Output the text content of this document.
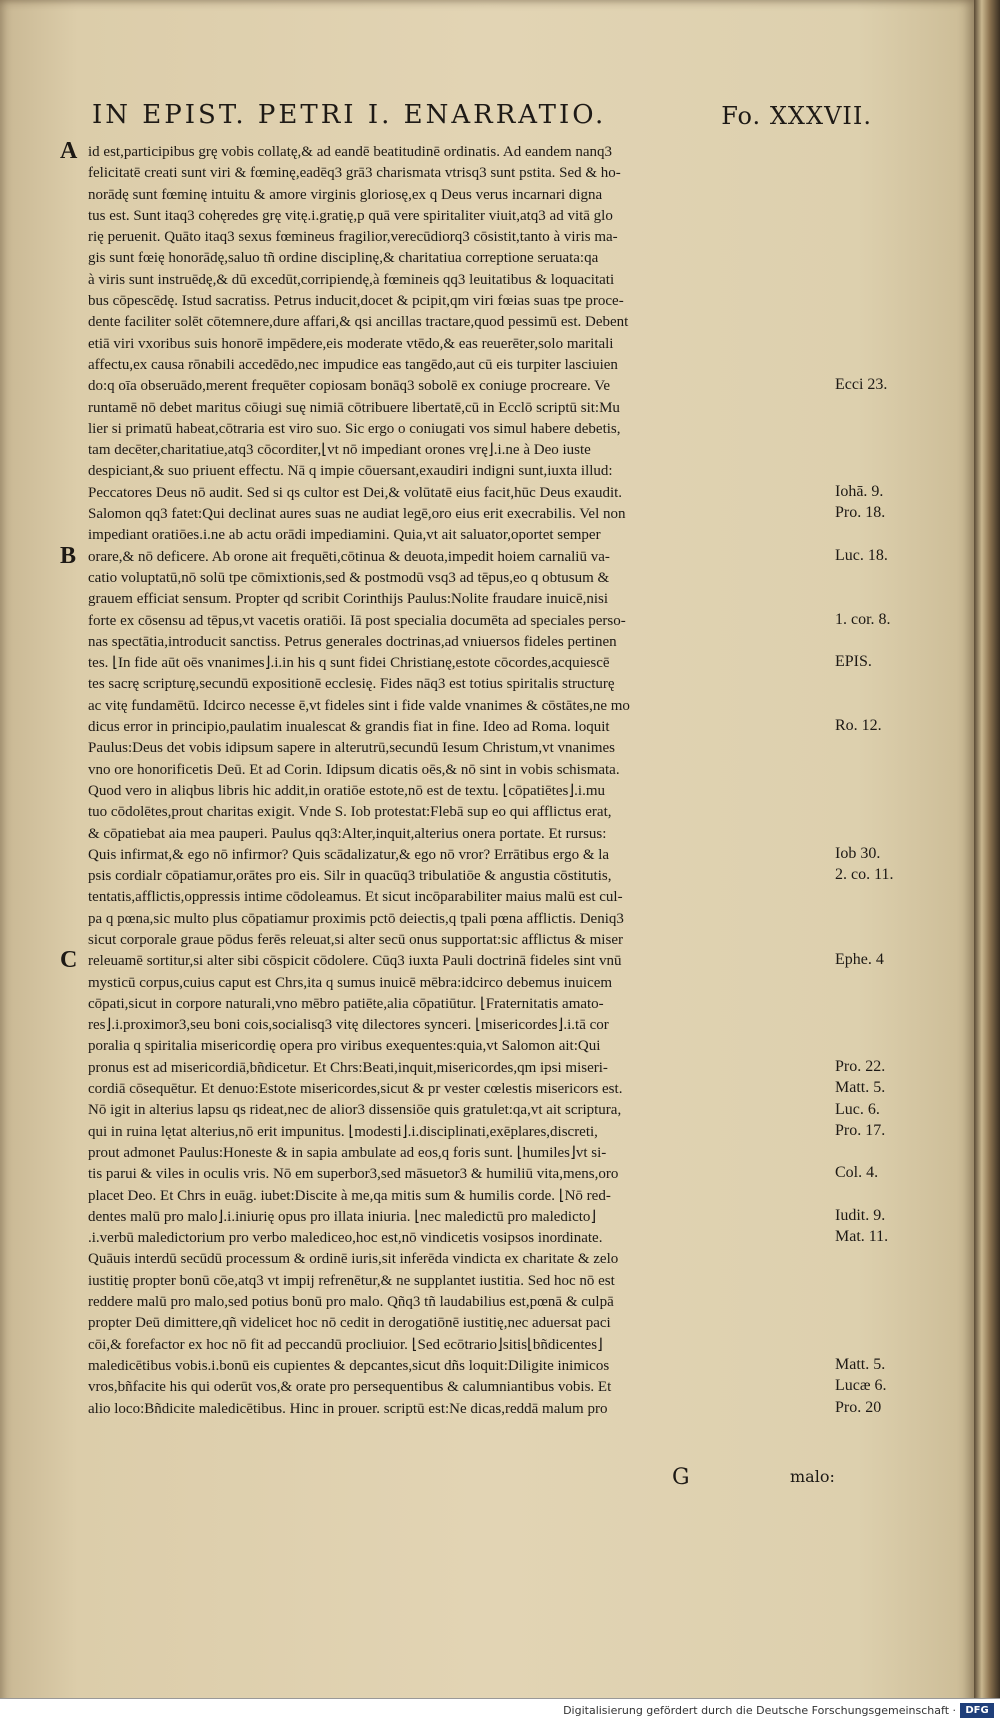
IN EPIST. PETRI I. ENARRATIO.	Fo. XXXVII.
A id est,participibus grę vobis collatę,& ad eandē beatitudinē ordinatis. Ad eandem nanq3
felicitatē creati sunt viri & fœminę,eadēq3 grā3 charismata vtrisq3 sunt pstita. Sed & ho-
norādę sunt fœminę intuitu & amore virginis gloriosę,ex q Deus verus incarnari digna
tus est. Sunt itaq3 cohęredes grę vitę.i.gratię,p quā vere spiritaliter viuit,atq3 ad vitā glo
rię peruenit. Quāto itaq3 sexus fœmineus fragilior,verecūdiorq3 cōsistit,tanto à viris ma-
gis sunt fœię honorādę,saluo tñ ordine disciplinę,& charitatiua correptione seruata:qa
à viris sunt instruēdę,& dū excedūt,corripiendę,à fœmineis qq3 leuitatibus & loquacitati
bus cōpescēdę. Istud sacratiss. Petrus inducit,docet & pcipit,qm viri fœias suas tpe proce-
dente faciliter solēt cōtemnere,dure affari,& qsi ancillas tractare,quod pessimū est. Debent
etiā viri vxoribus suis honorē impēdere,eis moderate vtēdo,& eas reuerēter,solo maritali
affectu,ex causa rōnabili accedēdo,nec impudice eas tangēdo,aut cū eis turpiter lasciuien
do:q oīa obseruādo,merent frequēter copiosam bonāq3 sobolē ex coniuge procreare. Ve
runtamē nō debet maritus cōiugi suę nimiā cōtribuere libertatē,cū in Ecclō scriptū sit:Mu
lier si primatū habeat,cōtraria est viro suo. Sic ergo o coniugati vos simul habere debetis,
tam decēter,charitatiue,atq3 cōcorditer,⌊vt nō impediant orones vrę⌋.i.ne à Deo iuste
despiciant,& suo priuent effectu. Nā q impie cōuersant,exaudiri indigni sunt,iuxta illud:
Peccatores Deus nō audit. Sed si qs cultor est Dei,& volūtatē eius facit,hūc Deus exaudit.
Salomon qq3 fatet:Qui declinat aures suas ne audiat legē,oro eius erit execrabilis. Vel non
impediant oratiōes.i.ne ab actu orādi impediamini. Quia,vt ait saluator,oportet semper
B orare,& nō deficere. Ab orone ait frequēti,cōtinua & deuota,impedit hoiem carnaliū va-
catio voluptatū,nō solū tpe cōmixtionis,sed & postmodū vsq3 ad tēpus,eo q obtusum &
grauem efficiat sensum. Propter qd scribit Corinthijs Paulus:Nolite fraudare inuicē,nisi
forte ex cōsensu ad tēpus,vt vacetis oratiōi. Iā post specialia documēta ad speciales perso-
nas spectātia,introducit sanctiss. Petrus generales doctrinas,ad vniuersos fideles pertinen
tes. ⌊In fide aūt oēs vnanimes⌋.i.in his q sunt fidei Christianę,estote cōcordes,acquiescē
tes sacrę scripturę,secundū expositionē ecclesię. Fides nāq3 est totius spiritalis structurę
ac vitę fundamētū. Idcirco necesse ē,vt fideles sint i fide valde vnanimes & cōstātes,ne mo
dicus error in principio,paulatim inualescat & grandis fiat in fine. Ideo ad Roma. loquit
Paulus:Deus det vobis idipsum sapere in alterutrū,secundū Iesum Christum,vt vnanimes
vno ore honorificetis Deū. Et ad Corin. Idipsum dicatis oēs,& nō sint in vobis schismata.
Quod vero in aliqbus libris hic addit,in oratiōe estote,nō est de textu. ⌊cōpatiētes⌋.i.mu
tuo cōdolētes,prout charitas exigit. Vnde S. Iob protestat:Flebā sup eo qui afflictus erat,
& cōpatiebat aia mea pauperi. Paulus qq3:Alter,inquit,alterius onera portate. Et rursus:
Quis infirmat,& ego nō infirmor? Quis scādalizatur,& ego nō vror? Errātibus ergo & la
psis cordialr cōpatiamur,orātes pro eis. Silr in quacūq3 tribulatiōe & angustia cōstitutis,
tentatis,afflictis,oppressis intime cōdoleamus. Et sicut incōparabiliter maius malū est cul-
pa q pœna,sic multo plus cōpatiamur proximis pctō deiectis,q tpali pœna afflictis. Deniq3
sicut corporale graue pōdus ferēs releuat,si alter secū onus supportat:sic afflictus & miser
C releuamē sortitur,si alter sibi cōspicit cōdolere. Cūq3 iuxta Pauli doctrinā fideles sint vnū
mysticū corpus,cuius caput est Chrs,ita q sumus inuicē mēbra:idcirco debemus inuicem
cōpati,sicut in corpore naturali,vno mēbro patiēte,alia cōpatiūtur. ⌊Fraternitatis amato-
res⌋.i.proximor3,seu boni cois,socialisq3 vitę dilectores synceri. ⌊misericordes⌋.i.tā cor
poralia q spiritalia misericordię opera pro viribus exequentes:quia,vt Salomon ait:Qui
pronus est ad misericordiā,bñdicetur. Et Chrs:Beati,inquit,misericordes,qm ipsi miseri-
cordiā cōsequētur. Et denuo:Estote misericordes,sicut & pr vester cœlestis misericors est.
Nō igit in alterius lapsu qs rideat,nec de alior3 dissensiōe quis gratulet:qa,vt ait scriptura,
qui in ruina lętat alterius,nō erit impunitus. ⌊modesti⌋.i.disciplinati,exēplares,discreti,
prout admonet Paulus:Honeste & in sapia ambulate ad eos,q foris sunt. ⌊humiles⌋vt si-
tis parui & viles in oculis vris. Nō em superbor3,sed māsuetor3 & humiliū vita,mens,oro
placet Deo. Et Chrs in euāg. iubet:Discite à me,qa mitis sum & humilis corde. ⌊Nō red-
dentes malū pro malo⌋.i.iniurię opus pro illata iniuria. ⌊nec maledictū pro maledicto⌋
.i.verbū maledictorium pro verbo malediceo,hoc est,nō vindicetis vosipsos inordinate.
Quāuis interdū secūdū processum & ordinē iuris,sit inferēda vindicta ex charitate & zelo
iustitię propter bonū cōe,atq3 vt impij refrenētur,& ne supplantet iustitia. Sed hoc nō est
reddere malū pro malo,sed potius bonū pro malo. Qñq3 tñ laudabilius est,pœnā & culpā
propter Deū dimittere,qñ videlicet hoc nō cedit in derogatiōnē iustitię,nec aduersat paci
cōi,& forefactor ex hoc nō fit ad peccandū procliuior. ⌊Sed ecōtrario⌋sitis⌊bñdicentes⌋
maledicētibus vobis.i.bonū eis cupientes & depcantes,sicut dñs loquit:Diligite inimicos
vros,bñfacite his qui oderūt vos,& orate pro persequentibus & calumniantibus vobis. Et
alio loco:Bñdicite maledicētibus. Hinc in prouer. scriptū est:Ne dicas,reddā malum pro
Ecci 23.
Iohā. 9.
Pro. 18.
Luc. 18.
1. cor. 8.
EPIS.
Ro. 12.
Iob 30.
2. co. 11.
Ephe. 4
Pro. 22.
Matt. 5.
Luc. 6.
Pro. 17.
Col. 4.
Iudit. 9.
Mat. 11.
Matt. 5.
Lucæ 6.
Pro. 20
G	malo:
Digitalisierung gefördert durch die Deutsche Forschungsgemeinschaft · DFG
